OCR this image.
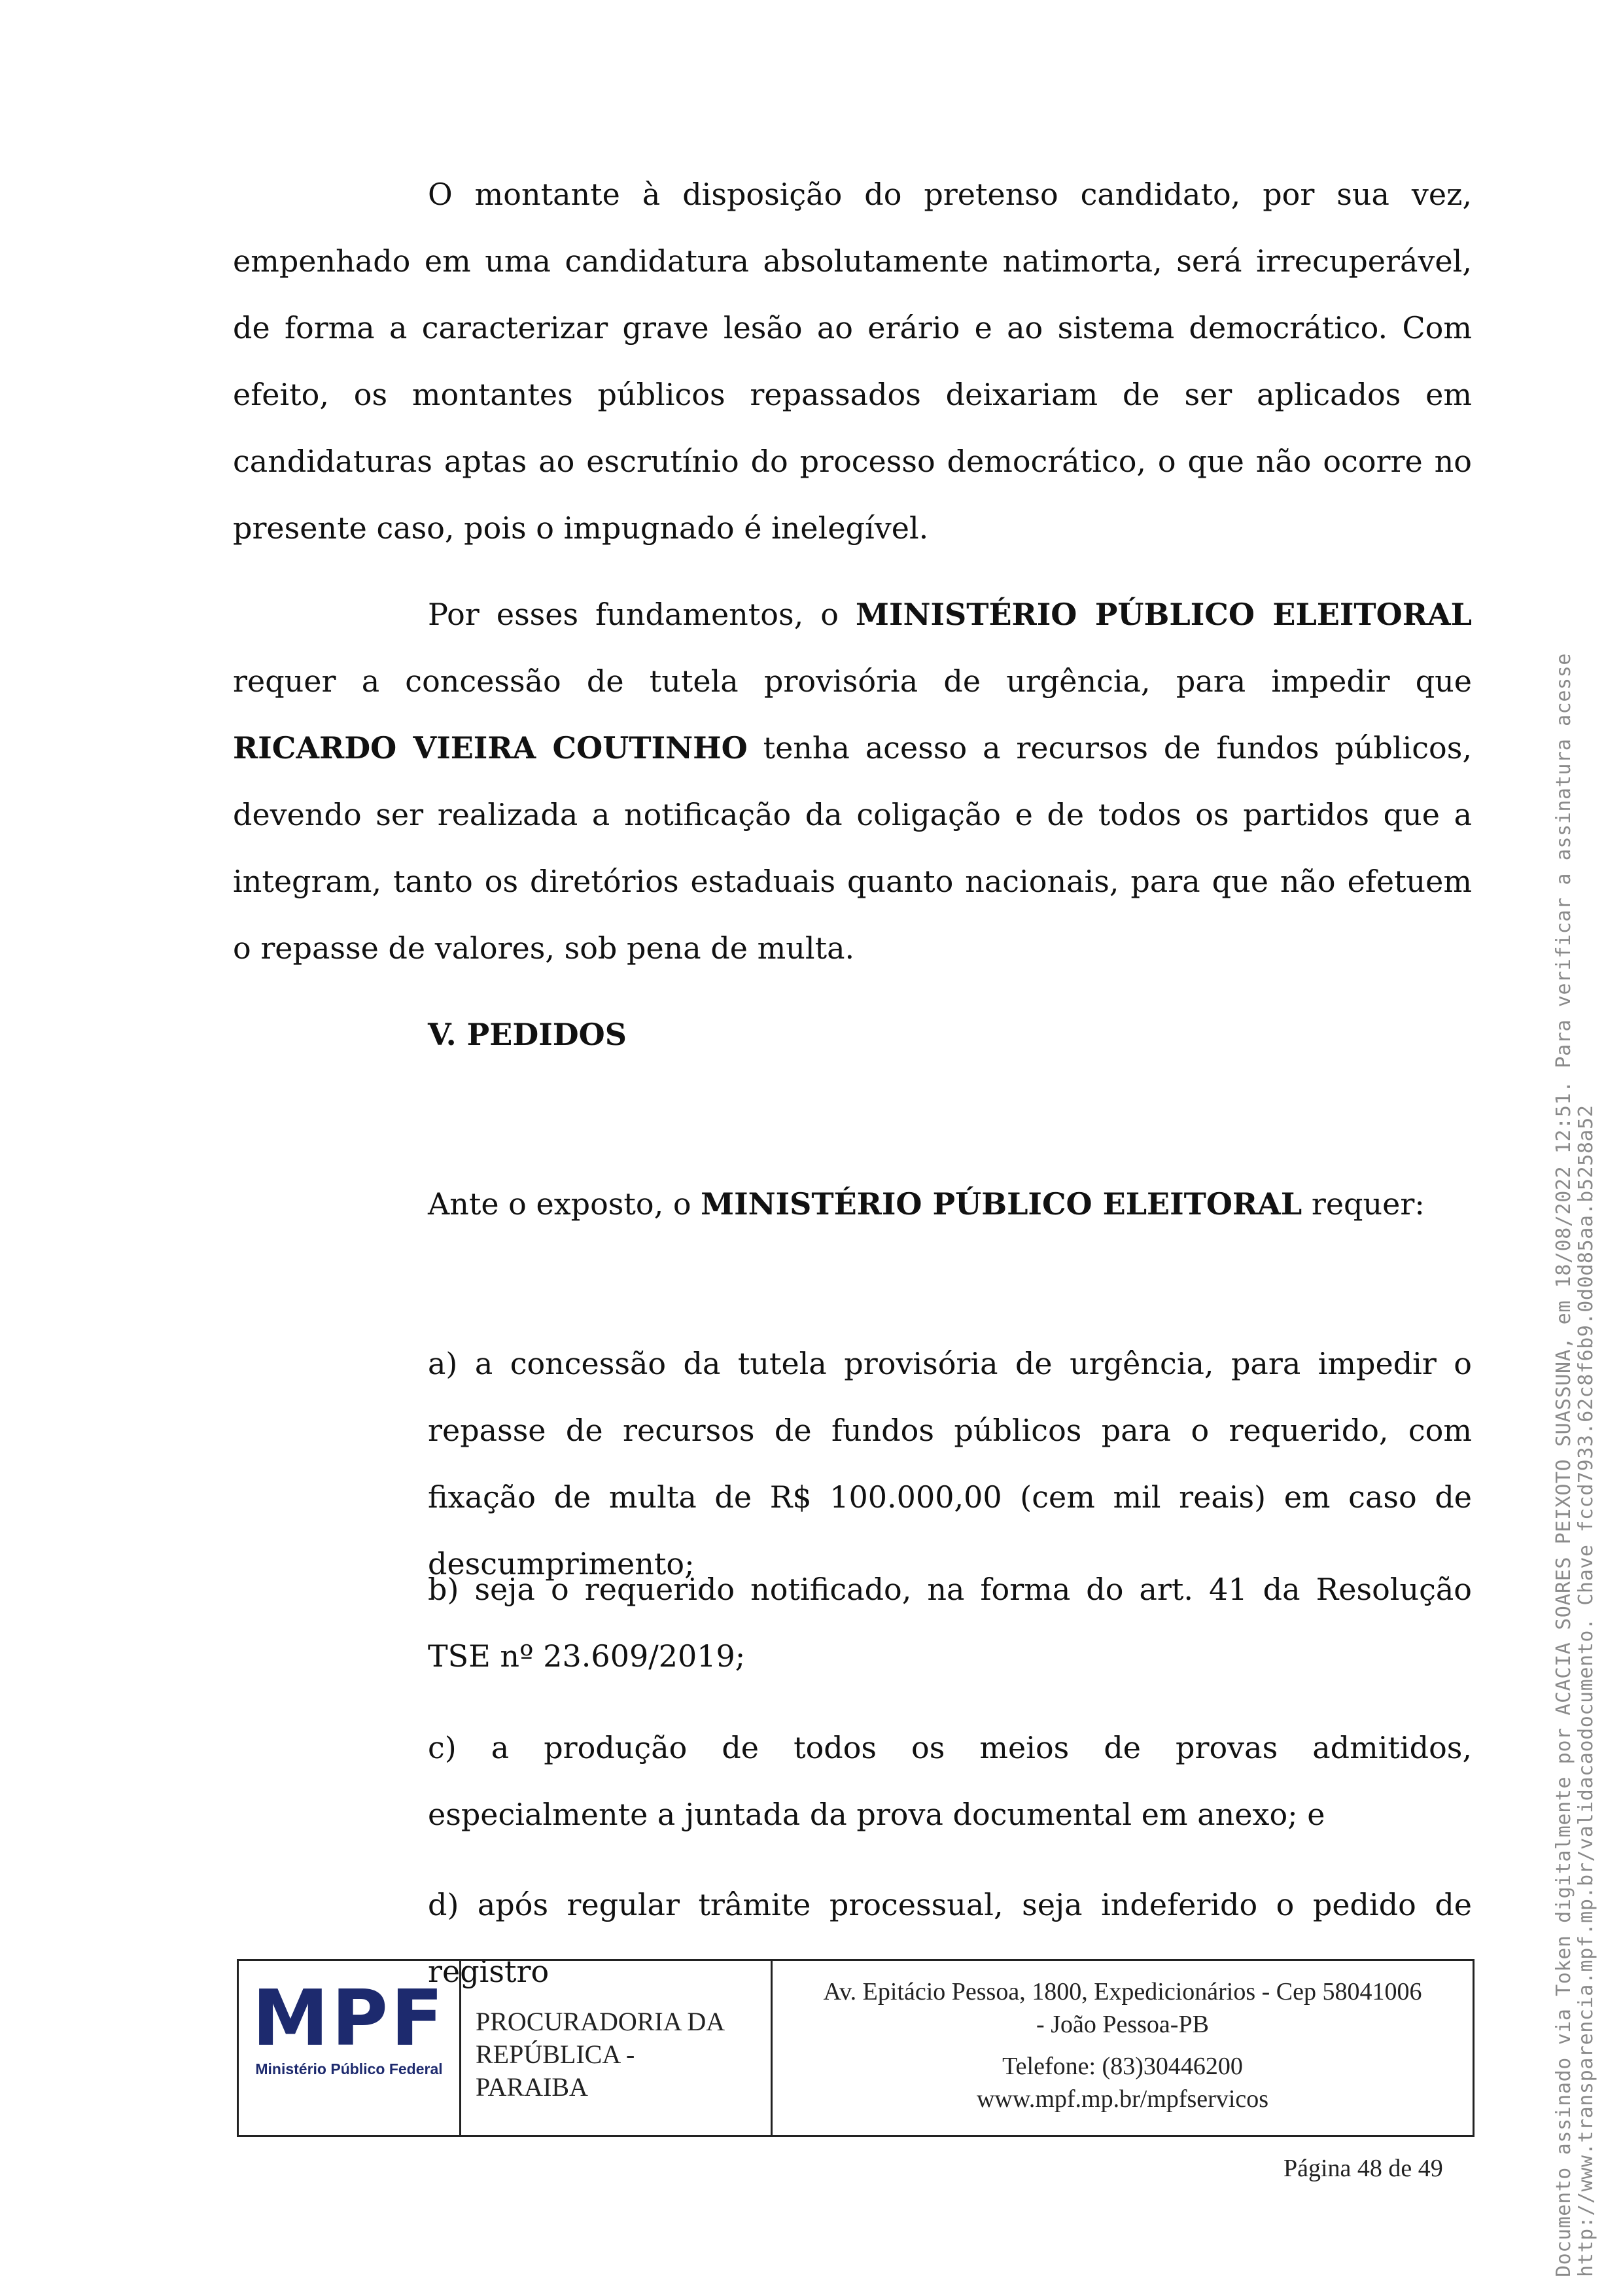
O montante à disposição do pretenso candidato, por sua vez, empenhado em uma candidatura absolutamente natimorta, será irrecuperável, de forma a caracterizar grave lesão ao erário e ao sistema democrático. Com efeito, os montantes públicos repassados deixariam de ser aplicados em candidaturas aptas ao escrutínio do processo democrático, o que não ocorre no presente caso, pois o impugnado é inelegível.

Por esses fundamentos, o MINISTÉRIO PÚBLICO ELEITORAL requer a concessão de tutela provisória de urgência, para impedir que RICARDO VIEIRA COUTINHO tenha acesso a recursos de fundos públicos, devendo ser realizada a notificação da coligação e de todos os partidos que a integram, tanto os diretórios estaduais quanto nacionais, para que não efetuem o repasse de valores, sob pena de multa.

V. PEDIDOS

Ante o exposto, o MINISTÉRIO PÚBLICO ELEITORAL requer:

a) a concessão da tutela provisória de urgência, para impedir o repasse de recursos de fundos públicos para o requerido, com fixação de multa de R$ 100.000,00 (cem mil reais) em caso de descumprimento;

b) seja o requerido notificado, na forma do art. 41 da Resolução TSE nº 23.609/2019;

c) a produção de todos os meios de provas admitidos, especialmente a juntada da prova documental em anexo; e

d) após regular trâmite processual, seja indeferido o pedido de registro

MPF
Ministério Público Federal
PROCURADORIA DA
REPÚBLICA -
PARAIBA
Av. Epitácio Pessoa, 1800, Expedicionários - Cep 58041006
- João Pessoa-PB
Telefone: (83)30446200
www.mpf.mp.br/mpfservicos
Página 48 de 49	Documento assinado via Token digitalmente por ACACIA SOARES PEIXOTO SUASSUNA, em 18/08/2022 12:51. Para verificar a assinatura acesse http://www.transparencia.mpf.mp.br/validacaodocumento. Chave fccd7933.62c8f6b9.0d0d85aa.b5258a52
